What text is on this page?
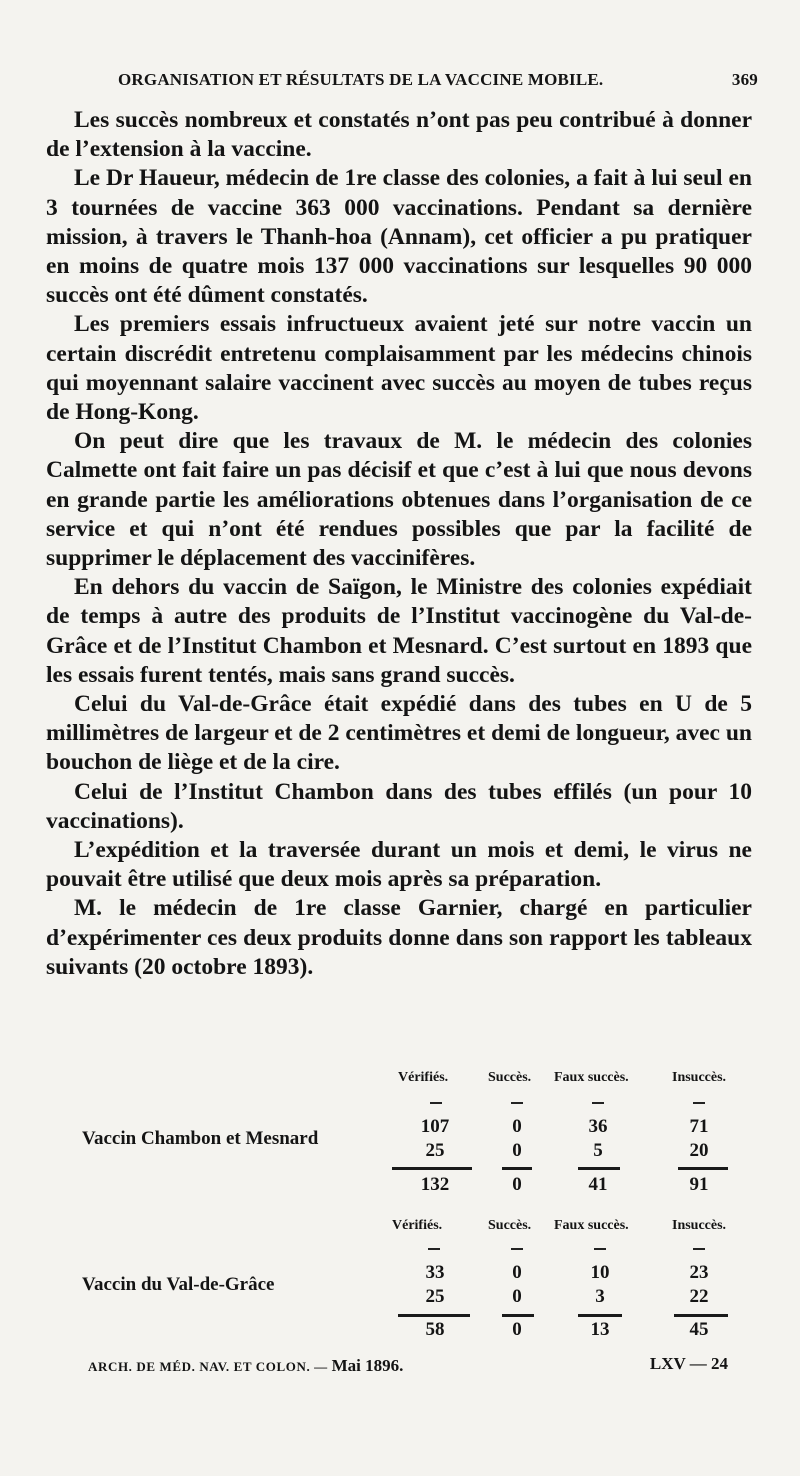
ORGANISATION ET RÉSULTATS DE LA VACCINE MOBILE.	369

Les succès nombreux et constatés n’ont pas peu contribué à donner de l’extension à la vaccine.

Le Dr Haueur, médecin de 1re classe des colonies, a fait à lui seul en 3 tournées de vaccine 363 000 vaccinations. Pendant sa dernière mission, à travers le Thanh-hoa (Annam), cet officier a pu pratiquer en moins de quatre mois 137 000 vaccinations sur lesquelles 90 000 succès ont été dûment constatés.

Les premiers essais infructueux avaient jeté sur notre vaccin un certain discrédit entretenu complaisamment par les médecins chinois qui moyennant salaire vaccinent avec succès au moyen de tubes reçus de Hong-Kong.

On peut dire que les travaux de M. le médecin des colonies Calmette ont fait faire un pas décisif et que c’est à lui que nous devons en grande partie les améliorations obtenues dans l’organisation de ce service et qui n’ont été rendues possibles que par la facilité de supprimer le déplacement des vaccinifères.

En dehors du vaccin de Saïgon, le Ministre des colonies expédiait de temps à autre des produits de l’Institut vaccinogène du Val-de-Grâce et de l’Institut Chambon et Mesnard. C’est surtout en 1893 que les essais furent tentés, mais sans grand succès.

Celui du Val-de-Grâce était expédié dans des tubes en U de 5 millimètres de largeur et de 2 centimètres et demi de longueur, avec un bouchon de liège et de la cire.

Celui de l’Institut Chambon dans des tubes effilés (un pour 10 vaccinations).

L’expédition et la traversée durant un mois et demi, le virus ne pouvait être utilisé que deux mois après sa préparation.

M. le médecin de 1re classe Garnier, chargé en particulier d’expérimenter ces deux produits donne dans son rapport les tableaux suivants (20 octobre 1893).

Vérifiés.	Succès. Faux succès.	Insuccès.
Vaccin Chambon et Mesnard
107	0	36	71
25	0	5	20
132	0	41	91
Vérifiés.	Succès. Faux succès.	Insuccès.
Vaccin du Val-de-Grâce
33	0	10	23
25	0	3	22
58	0	13	45
ARCH. DE MÉD. NAV. ET COLON. — Mai 1896.	LXV — 24
